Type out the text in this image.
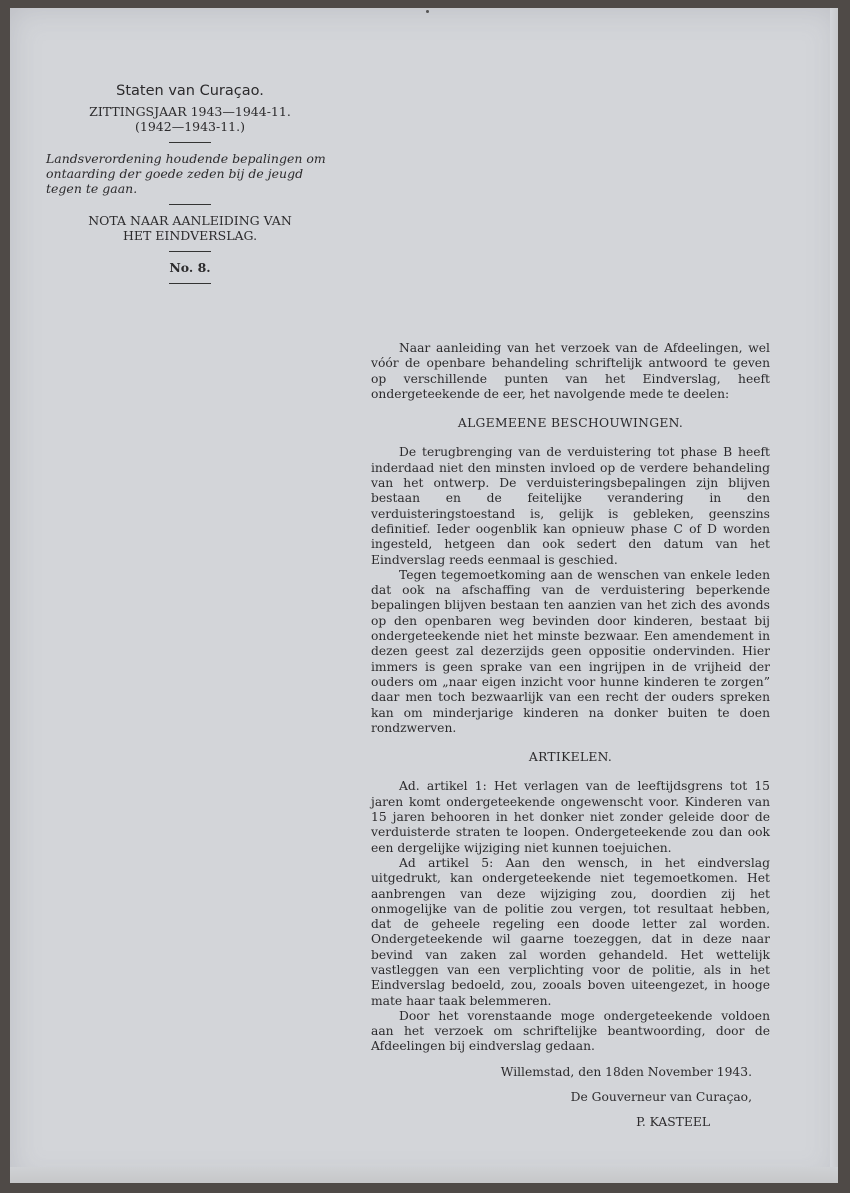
Staten van Curaçao.
ZITTINGSJAAR 1943—1944-11.
(1942—1943-11.)
Landsverordening houdende bepalingen om ontaarding der goede zeden bij de jeugd tegen te gaan.
NOTA NAAR AANLEIDING VAN
HET EINDVERSLAG.
No. 8.

Naar aanleiding van het verzoek van de Afdeelingen, wel vóór de openbare behandeling schriftelijk antwoord te geven op verschillende punten van het Eindverslag, heeft ondergeteekende de eer, het navolgende mede te deelen:

ALGEMEENE BESCHOUWINGEN.

De terugbrenging van de verduistering tot phase B heeft inderdaad niet den minsten invloed op de verdere behandeling van het ontwerp. De verduisteringsbepalingen zijn blijven bestaan en de feitelijke verandering in den verduisteringstoestand is, gelijk is gebleken, geenszins definitief. Ieder oogenblik kan opnieuw phase C of D worden ingesteld, hetgeen dan ook sedert den datum van het Eindverslag reeds eenmaal is geschied.

Tegen tegemoetkoming aan de wenschen van enkele leden dat ook na afschaffing van de verduistering beperkende bepalingen blijven bestaan ten aanzien van het zich des avonds op den openbaren weg bevinden door kinderen, bestaat bij ondergeteekende niet het minste bezwaar. Een amendement in dezen geest zal dezerzijds geen oppositie ondervinden. Hier immers is geen sprake van een ingrijpen in de vrijheid der ouders om „naar eigen inzicht voor hunne kinderen te zorgen” daar men toch bezwaarlijk van een recht der ouders spreken kan om minderjarige kinderen na donker buiten te doen rondzwerven.

ARTIKELEN.

Ad. artikel 1: Het verlagen van de leeftijdsgrens tot 15 jaren komt ondergeteekende ongewenscht voor. Kinderen van 15 jaren behooren in het donker niet zonder geleide door de verduisterde straten te loopen. Ondergeteekende zou dan ook een dergelijke wijziging niet kunnen toejuichen.

Ad artikel 5: Aan den wensch, in het eindverslag uitgedrukt, kan ondergeteekende niet tegemoetkomen. Het aanbrengen van deze wijziging zou, doordien zij het onmogelijke van de politie zou vergen, tot resultaat hebben, dat de geheele regeling een doode letter zal worden. Ondergeteekende wil gaarne toezeggen, dat in deze naar bevind van zaken zal worden gehandeld. Het wettelijk vastleggen van een verplichting voor de politie, als in het Eindverslag bedoeld, zou, zooals boven uiteengezet, in hooge mate haar taak belemmeren.

Door het vorenstaande moge ondergeteekende voldoen aan het verzoek om schriftelijke beantwoording, door de Afdeelingen bij eindverslag gedaan.

Willemstad, den 18den November 1943.

De Gouverneur van Curaçao,

P. KASTEEL
